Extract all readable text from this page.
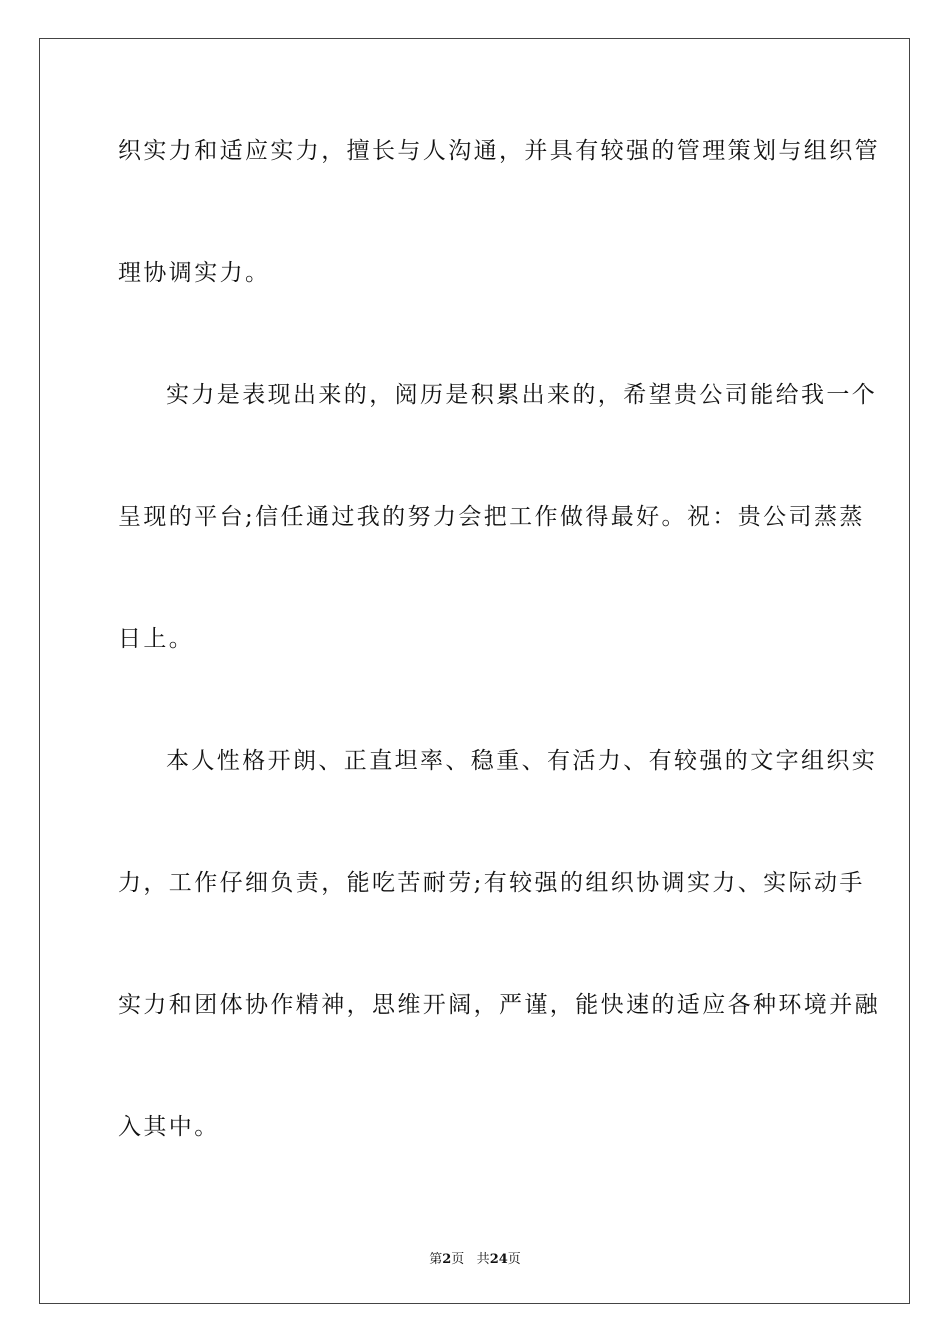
织实力和适应实力，擅长与人沟通，并具有较强的管理策划与组织管
理协调实力。
实力是表现出来的，阅历是积累出来的，希望贵公司能给我一个
呈现的平台;信任通过我的努力会把工作做得最好。祝：贵公司蒸蒸
日上。
本人性格开朗、正直坦率、稳重、有活力、有较强的文字组织实
力，工作仔细负责，能吃苦耐劳;有较强的组织协调实力、实际动手
实力和团体协作精神，思维开阔，严谨，能快速的适应各种环境并融
入其中。
第2页 共24页
